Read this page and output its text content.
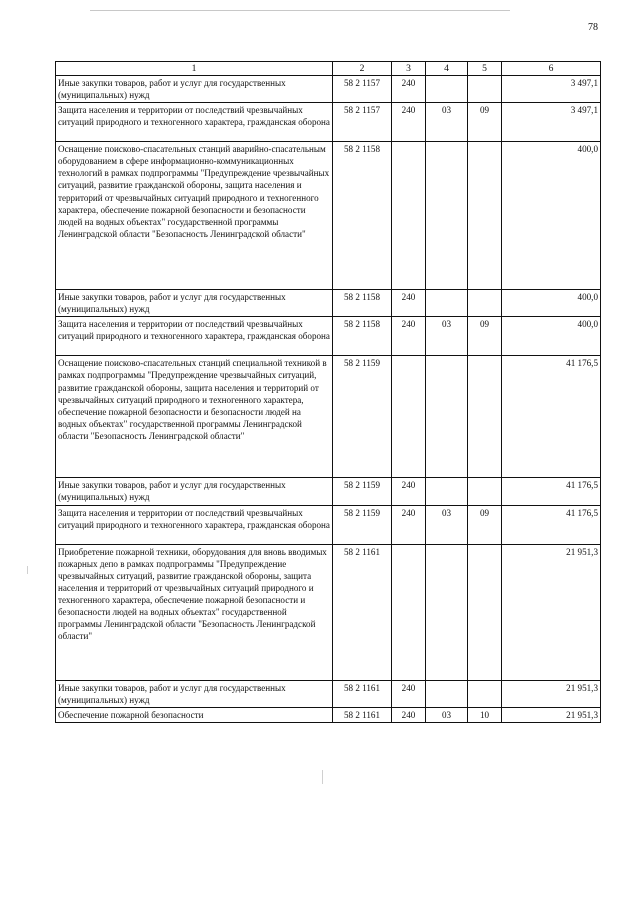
78
1	2	3	4	5	6
Иные закупки товаров, работ и услуг для государственных (муниципальных) нужд	58 2 1157	240			3 497,1
Защита населения и территории от последствий чрезвычайных ситуаций природного и техногенного характера, гражданская оборона	58 2 1157	240	03	09	3 497,1
Оснащение поисково-спасательных станций аварийно-спасательным оборудованием в сфере информационно-коммуникационных технологий в рамках подпрограммы "Предупреждение чрезвычайных ситуаций, развитие гражданской обороны, защита населения и территорий от чрезвычайных ситуаций природного и техногенного характера, обеспечение пожарной безопасности и безопасности людей на водных объектах" государственной программы Ленинградской области "Безопасность Ленинградской области"	58 2 1158				400,0
Иные закупки товаров, работ и услуг для государственных (муниципальных) нужд	58 2 1158	240			400,0
Защита населения и территории от последствий чрезвычайных ситуаций природного и техногенного характера, гражданская оборона	58 2 1158	240	03	09	400,0
Оснащение поисково-спасательных станций специальной техникой в рамках подпрограммы "Предупреждение чрезвычайных ситуаций, развитие гражданской обороны, защита населения и территорий от чрезвычайных ситуаций природного и техногенного характера, обеспечение пожарной безопасности и безопасности людей на водных объектах" государственной программы Ленинградской области "Безопасность Ленинградской области"	58 2 1159				41 176,5
Иные закупки товаров, работ и услуг для государственных (муниципальных) нужд	58 2 1159	240			41 176,5
Защита населения и территории от последствий чрезвычайных ситуаций природного и техногенного характера, гражданская оборона	58 2 1159	240	03	09	41 176,5
Приобретение пожарной техники, оборудования для вновь вводимых пожарных депо в рамках подпрограммы "Предупреждение чрезвычайных ситуаций, развитие гражданской обороны, защита населения и территорий от чрезвычайных ситуаций природного и техногенного характера, обеспечение пожарной безопасности и безопасности людей на водных объектах" государственной программы Ленинградской области "Безопасность Ленинградской области"	58 2 1161				21 951,3
Иные закупки товаров, работ и услуг для государственных (муниципальных) нужд	58 2 1161	240			21 951,3
Обеспечение пожарной безопасности	58 2 1161	240	03	10	21 951,3
